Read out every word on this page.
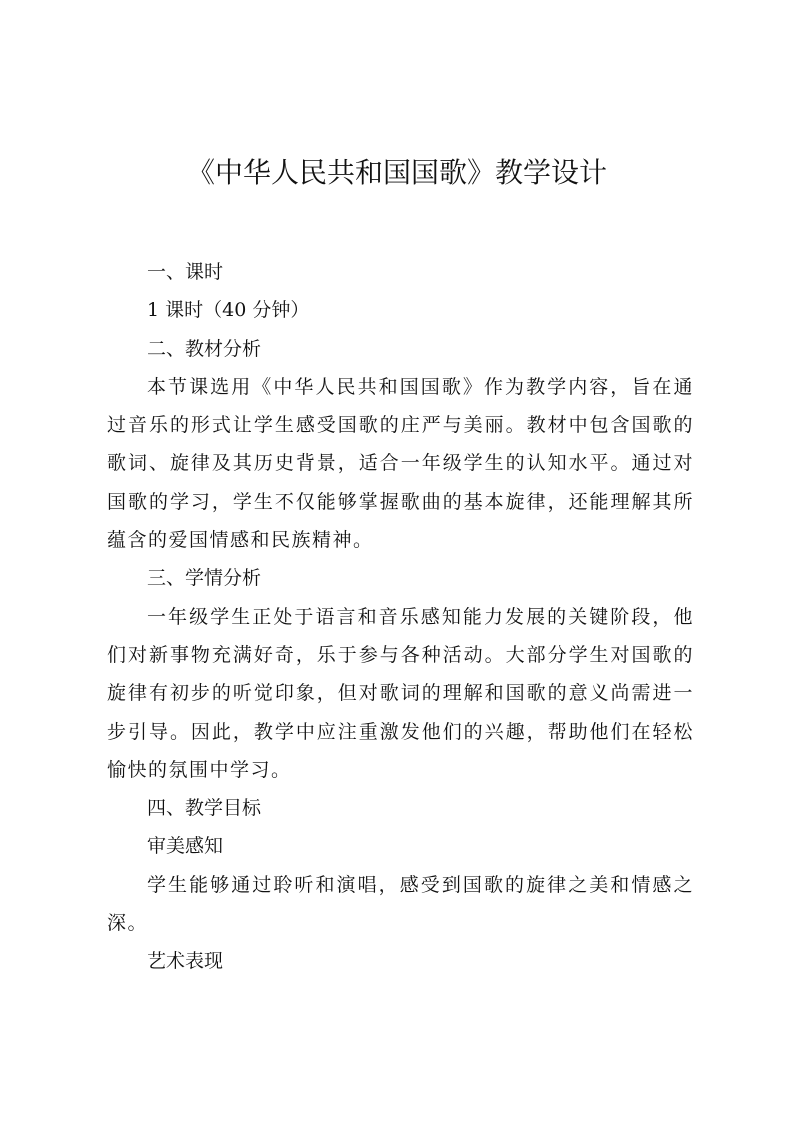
《中华人民共和国国歌》教学设计

一、课时

1 课时（40 分钟）

二、教材分析

本节课选用《中华人民共和国国歌》作为教学内容，旨在通过音乐的形式让学生感受国歌的庄严与美丽。教材中包含国歌的歌词、旋律及其历史背景，适合一年级学生的认知水平。通过对国歌的学习，学生不仅能够掌握歌曲的基本旋律，还能理解其所蕴含的爱国情感和民族精神。

三、学情分析

一年级学生正处于语言和音乐感知能力发展的关键阶段，他们对新事物充满好奇，乐于参与各种活动。大部分学生对国歌的旋律有初步的听觉印象，但对歌词的理解和国歌的意义尚需进一步引导。因此，教学中应注重激发他们的兴趣，帮助他们在轻松愉快的氛围中学习。

四、教学目标

审美感知

学生能够通过聆听和演唱，感受到国歌的旋律之美和情感之深。

艺术表现
